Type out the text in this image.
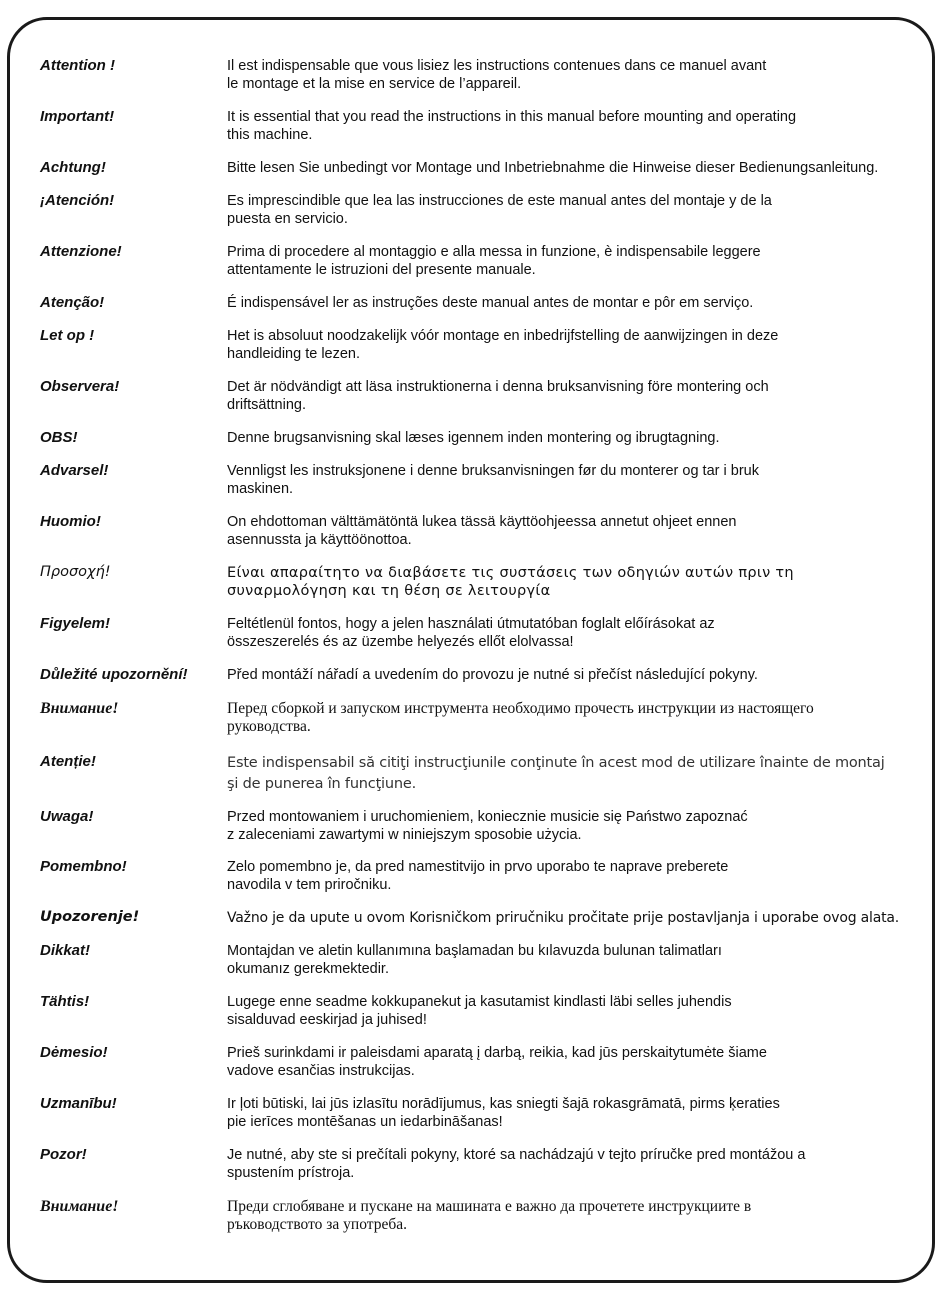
Attention !	Il est indispensable que vous lisiez les instructions contenues dans ce manuel avant
le montage et la mise en service de l’appareil.
Important!	It is essential that you read the instructions in this manual before mounting and operating
this machine.
Achtung!	Bitte lesen Sie unbedingt vor Montage und Inbetriebnahme die Hinweise dieser Bedienungsanleitung.
¡Atención!	Es imprescindible que lea las instrucciones de este manual antes del montaje y de la
puesta en servicio.
Attenzione!	Prima di procedere al montaggio e alla messa in funzione, è indispensabile leggere
attentamente le istruzioni del presente manuale.
Atenção!	É indispensável ler as instruções deste manual antes de montar e pôr em serviço.
Let op !	Het is absoluut noodzakelijk vóór montage en inbedrijfstelling de aanwijzingen in deze
handleiding te lezen.
Observera!	Det är nödvändigt att läsa instruktionerna i denna bruksanvisning före montering och
driftsättning.
OBS!	Denne brugsanvisning skal læses igennem inden montering og ibrugtagning.
Advarsel!	Vennligst les instruksjonene i denne bruksanvisningen før du monterer og tar i bruk
maskinen.
Huomio!	On ehdottoman välttämätöntä lukea tässä käyttöohjeessa annetut ohjeet ennen
asennussta ja käyttöönottoa.
Προσοχή!	Είναι απαραίτητο να διαβάσετε τις συστάσεις των οδηγιών αυτών πριν τη
συναρμολόγηση και τη θέση σε λειτουργία
Figyelem!	Feltétlenül fontos, hogy a jelen használati útmutatóban foglalt előírásokat az
összeszerelés és az üzembe helyezés ellőt elolvassa!
Důležité upozornění!	Před montáží nářadí a uvedením do provozu je nutné si přečíst následující pokyny.
Внимание!	Перед сборкой и запуском инструмента необходимо прочесть инструкции из настоящего
руководства.
Atenție!	Este indispensabil să citiţi instrucţiunile conţinute în acest mod de utilizare înainte de montaj
şi de punerea în funcţiune.
Uwaga!	Przed montowaniem i uruchomieniem, koniecznie musicie się Państwo zapoznać
z zaleceniami zawartymi w niniejszym sposobie użycia.
Pomembno!	Zelo pomembno je, da pred namestitvijo in prvo uporabo te naprave preberete
navodila v tem priročniku.
Upozorenje!	Važno je da upute u ovom Korisničkom priručniku pročitate prije postavljanja i uporabe ovog alata.
Dikkat!	Montajdan ve aletin kullanımına başlamadan bu kılavuzda bulunan talimatları
okumanız gerekmektedir.
Tähtis!	Lugege enne seadme kokkupanekut ja kasutamist kindlasti läbi selles juhendis
sisalduvad eeskirjad ja juhised!
Dėmesio!	Prieš surinkdami ir paleisdami aparatą į darbą, reikia, kad jūs perskaitytumėte šiame
vadove esančias instrukcijas.
Uzmanību!	Ir ļoti būtiski, lai jūs izlasītu norādījumus, kas sniegti šajā rokasgrāmatā, pirms ķeraties
pie ierīces montēšanas un iedarbināšanas!
Pozor!	Je nutné, aby ste si prečítali pokyny, ktoré sa nachádzajú v tejto príručke pred montážou a
spustením prístroja.
Внимание!	Преди сглобяване и пускане на машината е важно да прочетете инструкциите в
ръководството за употреба.
